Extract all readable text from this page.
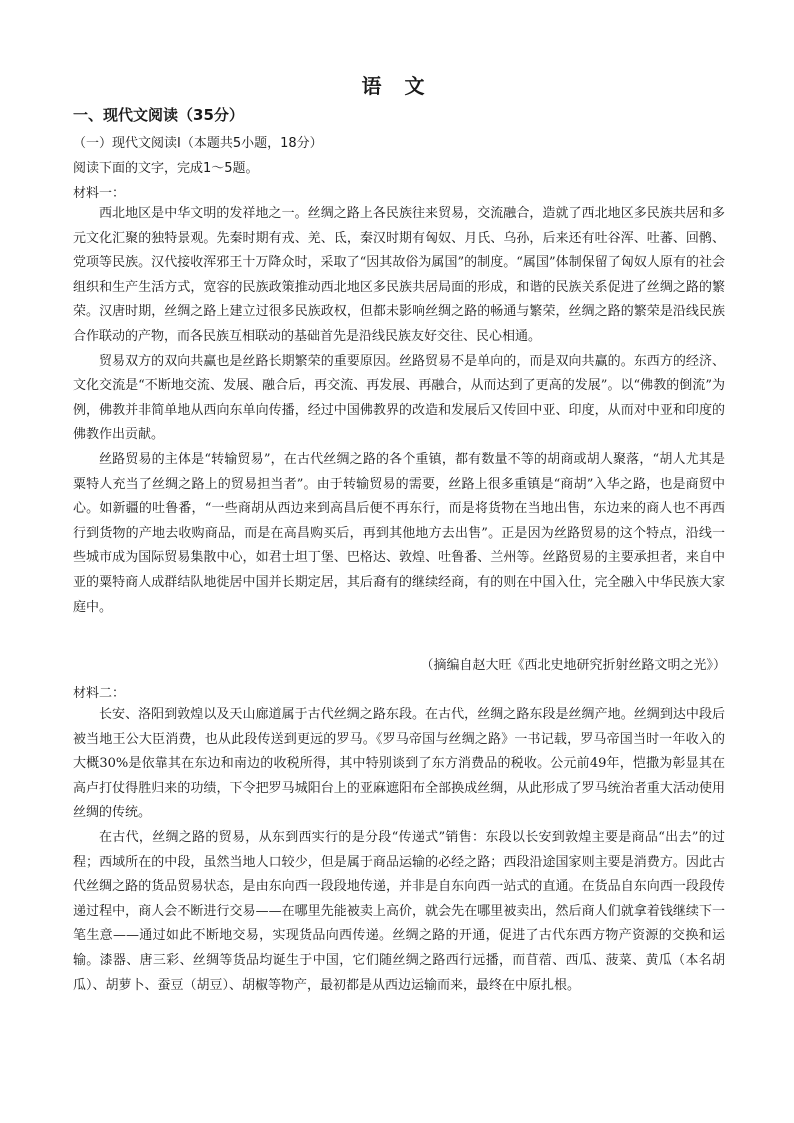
语 文
一、现代文阅读（35分）
（一）现代文阅读Ⅰ（本题共5小题，18分）
阅读下面的文字，完成1～5题。
材料一：

西北地区是中华文明的发祥地之一。丝绸之路上各民族往来贸易，交流融合，造就了西北地区多民族共居和多元文化汇聚的独特景观。先秦时期有戎、羌、氐，秦汉时期有匈奴、月氏、乌孙，后来还有吐谷浑、吐蕃、回鹘、党项等民族。汉代接收浑邪王十万降众时，采取了“因其故俗为属国”的制度。“属国”体制保留了匈奴人原有的社会组织和生产生活方式，宽容的民族政策推动西北地区多民族共居局面的形成，和谐的民族关系促进了丝绸之路的繁荣。汉唐时期，丝绸之路上建立过很多民族政权，但都未影响丝绸之路的畅通与繁荣，丝绸之路的繁荣是沿线民族合作联动的产物，而各民族互相联动的基础首先是沿线民族友好交往、民心相通。

贸易双方的双向共赢也是丝路长期繁荣的重要原因。丝路贸易不是单向的，而是双向共赢的。东西方的经济、文化交流是“不断地交流、发展、融合后，再交流、再发展、再融合，从而达到了更高的发展”。以“佛教的倒流”为例，佛教并非简单地从西向东单向传播，经过中国佛教界的改造和发展后又传回中亚、印度，从而对中亚和印度的佛教作出贡献。

丝路贸易的主体是“转输贸易”，在古代丝绸之路的各个重镇，都有数量不等的胡商或胡人聚落，“胡人尤其是粟特人充当了丝绸之路上的贸易担当者”。由于转输贸易的需要，丝路上很多重镇是“商胡”入华之路，也是商贸中心。如新疆的吐鲁番，“一些商胡从西边来到高昌后便不再东行，而是将货物在当地出售，东边来的商人也不再西行到货物的产地去收购商品，而是在高昌购买后，再到其他地方去出售”。正是因为丝路贸易的这个特点，沿线一些城市成为国际贸易集散中心，如君士坦丁堡、巴格达、敦煌、吐鲁番、兰州等。丝路贸易的主要承担者，来自中亚的粟特商人成群结队地徙居中国并长期定居，其后裔有的继续经商，有的则在中国入仕，完全融入中华民族大家庭中。

（摘编自赵大旺《西北史地研究折射丝路文明之光》）
材料二：

长安、洛阳到敦煌以及天山廊道属于古代丝绸之路东段。在古代，丝绸之路东段是丝绸产地。丝绸到达中段后被当地王公大臣消费，也从此段传送到更远的罗马。《罗马帝国与丝绸之路》一书记载，罗马帝国当时一年收入的大概30%是依靠其在东边和南边的收税所得，其中特别谈到了东方消费品的税收。公元前49年，恺撒为彰显其在高卢打仗得胜归来的功绩，下令把罗马城阳台上的亚麻遮阳布全部换成丝绸，从此形成了罗马统治者重大活动使用丝绸的传统。

在古代，丝绸之路的贸易，从东到西实行的是分段“传递式”销售：东段以长安到敦煌主要是商品“出去”的过程；西域所在的中段，虽然当地人口较少，但是属于商品运输的必经之路；西段沿途国家则主要是消费方。因此古代丝绸之路的货品贸易状态，是由东向西一段段地传递，并非是自东向西一站式的直通。在货品自东向西一段段传递过程中，商人会不断进行交易——在哪里先能被卖上高价，就会先在哪里被卖出，然后商人们就拿着钱继续下一笔生意——通过如此不断地交易，实现货品向西传递。丝绸之路的开通，促进了古代东西方物产资源的交换和运输。漆器、唐三彩、丝绸等货品均诞生于中国，它们随丝绸之路西行远播，而苜蓿、西瓜、菠菜、黄瓜（本名胡瓜）、胡萝卜、蚕豆（胡豆）、胡椒等物产，最初都是从西边运输而来，最终在中原扎根。
